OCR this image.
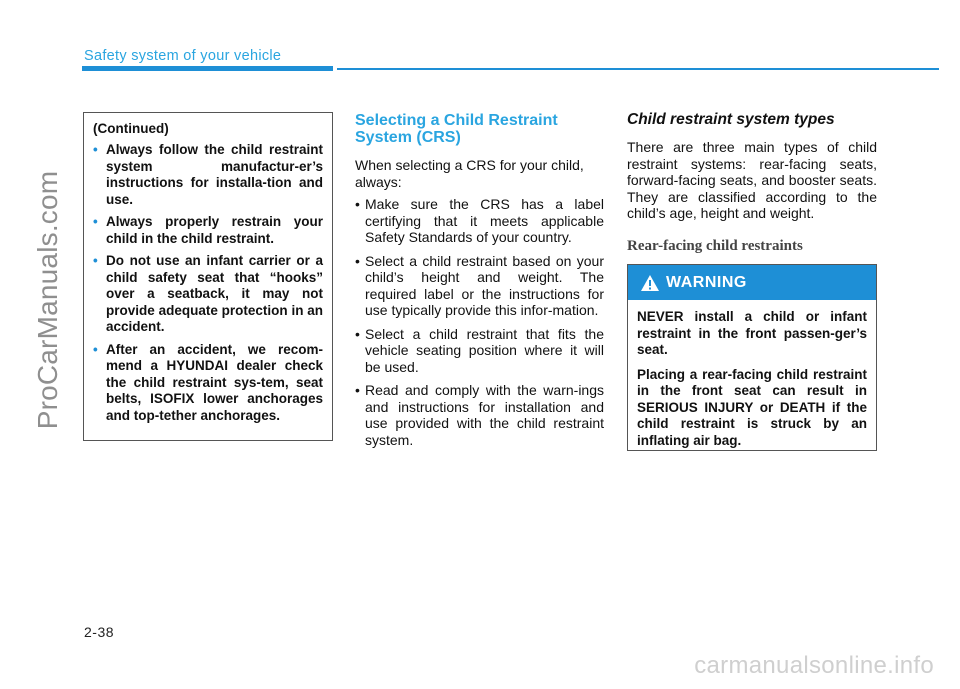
ProCarManuals.com
Safety system of your vehicle
(Continued)
• Always follow the child restraint system manufactur-er’s instructions for installa-tion and use.
• Always properly restrain your child in the child restraint.
• Do not use an infant carrier or a child safety seat that “hooks” over a seatback, it may not provide adequate protection in an accident.
• After an accident, we recom-mend a HYUNDAI dealer check the child restraint sys-tem, seat belts, ISOFIX lower anchorages and top-tether anchorages.
Selecting a Child Restraint System (CRS)

When selecting a CRS for your child, always:

• Make sure the CRS has a label certifying that it meets applicable Safety Standards of your country.
• Select a child restraint based on your child’s height and weight. The required label or the instructions for use typically provide this infor-mation.
• Select a child restraint that fits the vehicle seating position where it will be used.
• Read and comply with the warn-ings and instructions for installation and use provided with the child restraint system.
Child restraint system types

There are three main types of child restraint systems: rear-facing seats, forward-facing seats, and booster seats. They are classified according to the child’s age, height and weight.

Rear-facing child restraints
WARNING

NEVER install a child or infant restraint in the front passen-ger’s seat.

Placing a rear-facing child restraint in the front seat can result in SERIOUS INJURY or DEATH if the child restraint is struck by an inflating air bag.

2-38
carmanualsonline.info
